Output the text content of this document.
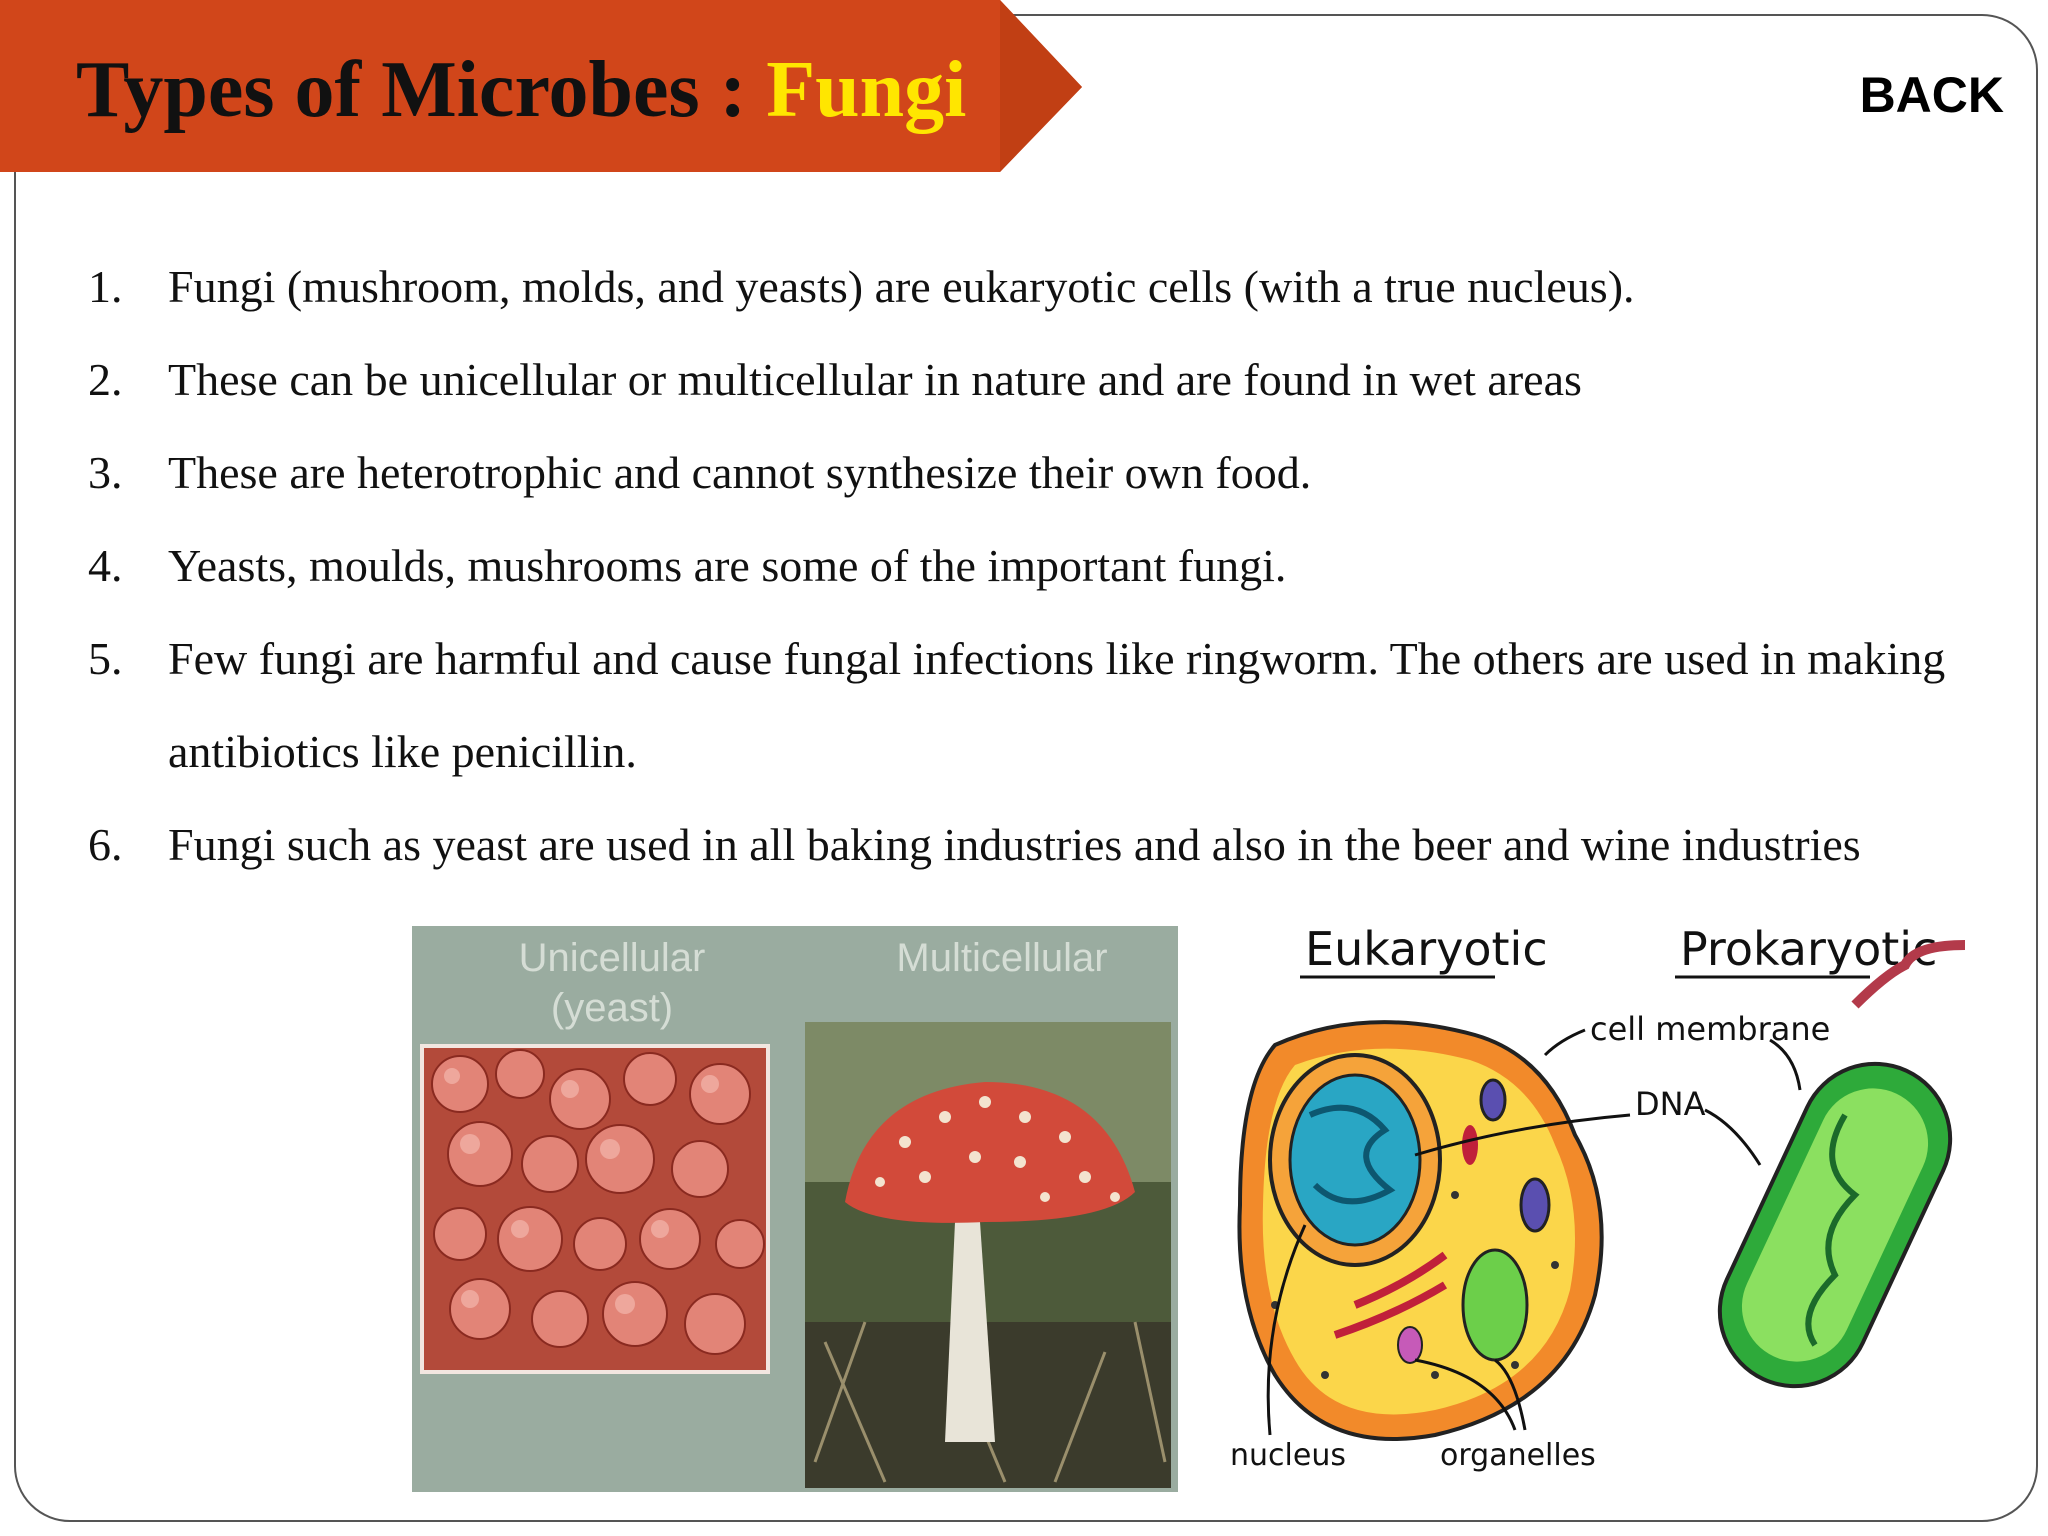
Types of Microbes : Fungi	BACK
1. Fungi (mushroom, molds, and yeasts) are eukaryotic cells (with a true nucleus).
2. These can be unicellular or multicellular in nature and are found in wet areas
3. These are heterotrophic and cannot synthesize their own food.
4. Yeasts, moulds, mushrooms are some of the important fungi.
5. Few fungi are harmful and cause fungal infections like ringworm. The others are used in making antibiotics like penicillin.
6. Fungi such as yeast are used in all baking industries and also in the beer and wine industries
Unicellular
(yeast)
Multicellular	Eukaryotic	Prokaryotic
cell membrane
DNA
nucleus	organelles
